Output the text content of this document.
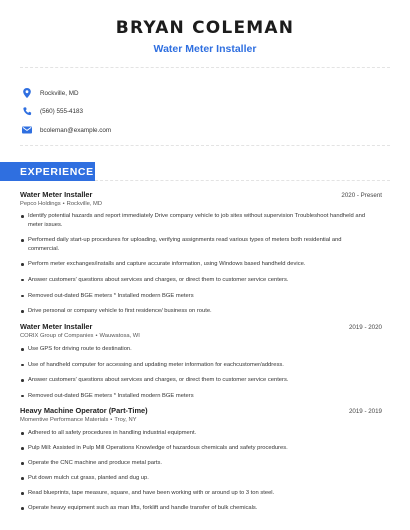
BRYAN COLEMAN
Water Meter Installer
Rockville, MD
(560) 555-4183
bcoleman@example.com
EXPERIENCE
Water Meter Installer	2020 - Present
Pepco Holdings • Rockville, MD
Identify potential hazards and report immediately Drive company vehicle to job sites without supervision Troubleshoot handheld and meter issues.
Performed daily start-up procedures for uploading, verifying assignments read various types of meters both residential and commercial.
Perform meter exchanges/installs and capture accurate information, using Windows based handheld device.
Answer customers' questions about services and charges, or direct them to customer service centers.
Removed out-dated BGE meters * Installed modern BGE meters
Drive personal or company vehicle to first residence/ business on route.
Water Meter Installer	2019 - 2020
CORIX Group of Companies • Wauwatosa, WI
Use GPS for driving route to destination.
Use of handheld computer for accessing and updating meter information for eachcustomer/address.
Answer customers' questions about services and charges, or direct them to customer service centers.
Removed out-dated BGE meters * Installed modern BGE meters
Heavy Machine Operator (Part-Time)	2019 - 2019
Momentive Performance Materials • Troy, NY
Adhered to all safety procedures in handling industrial equipment.
Pulp Mill: Assisted in Pulp Mill Operations Knowledge of hazardous chemicals and safety procedures.
Operate the CNC machine and produce metal parts.
Put down mulch cut grass, planted and dug up.
Read blueprints, tape measure, square, and have been working with or around up to 3 ton steel.
Operate heavy equipment such as man lifts, forklift and handle transfer of bulk chemicals.
